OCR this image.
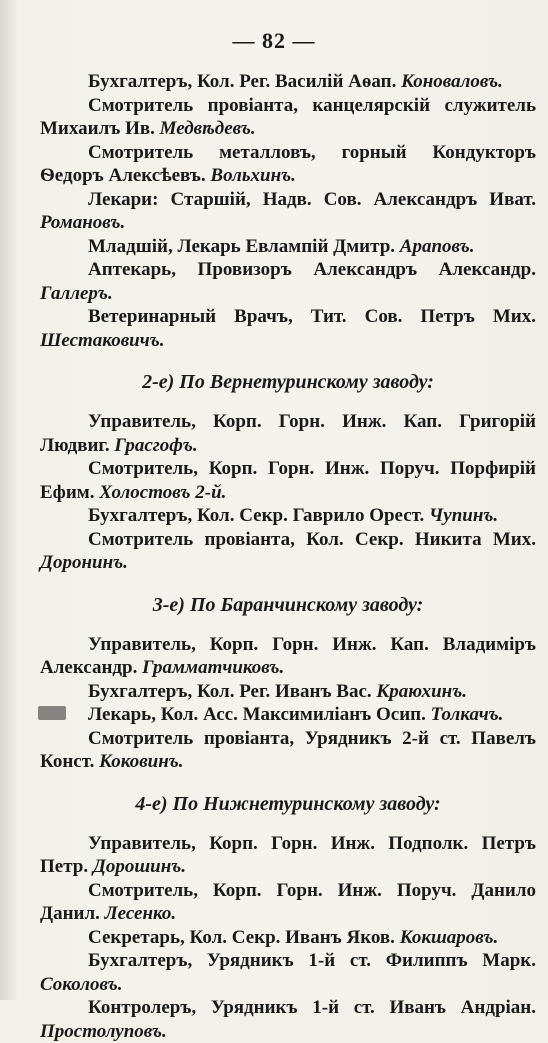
— 82 —

Бухгалтеръ, Кол. Рег. Василій Аѳап. Коноваловъ.

Смотритель провіанта, канцелярскій служитель Михаилъ Ив. Медвѣдевъ.

Смотритель металловъ, горный Кондукторъ Ѳедоръ Алексѣевъ. Вольхинъ.

Лекари: Старшій, Надв. Сов. Александръ Иват. Романовъ.

Младшій, Лекарь Евлампій Дмитр. Араповъ.

Аптекарь, Провизоръ Александръ Александр. Галлеръ.

Ветеринарный Врачъ, Тит. Сов. Петръ Мих. Шестаковичъ.

2-е) По Вернетуринскому заводу:

Управитель, Корп. Горн. Инж. Кап. Григорій Людвиг. Грасгофъ.

Смотритель, Корп. Горн. Инж. Поруч. Порфирій Ефим. Холостовъ 2-й.

Бухгалтеръ, Кол. Секр. Гаврило Орест. Чупинъ.

Смотритель провіанта, Кол. Секр. Никита Мих. Доронинъ.

3-е) По Баранчинскому заводу:

Управитель, Корп. Горн. Инж. Кап. Владиміръ Александр. Грамматчиковъ.

Бухгалтеръ, Кол. Рег. Иванъ Вас. Краюхинъ.

Лекарь, Кол. Асс. Максимиліанъ Осип. Толкачъ.

Смотритель провіанта, Урядникъ 2-й ст. Павелъ Конст. Коковинъ.

4-е) По Нижнетуринскому заводу:

Управитель, Корп. Горн. Инж. Подполк. Петръ Петр. Дорошинъ.

Смотритель, Корп. Горн. Инж. Поруч. Данило Данил. Лесенко.

Секретарь, Кол. Секр. Иванъ Яков. Кокшаровъ.

Бухгалтеръ, Урядникъ 1-й ст. Филиппъ Марк. Соколовъ.

Контролеръ, Урядникъ 1-й ст. Иванъ Андріан. Простолуповъ.
